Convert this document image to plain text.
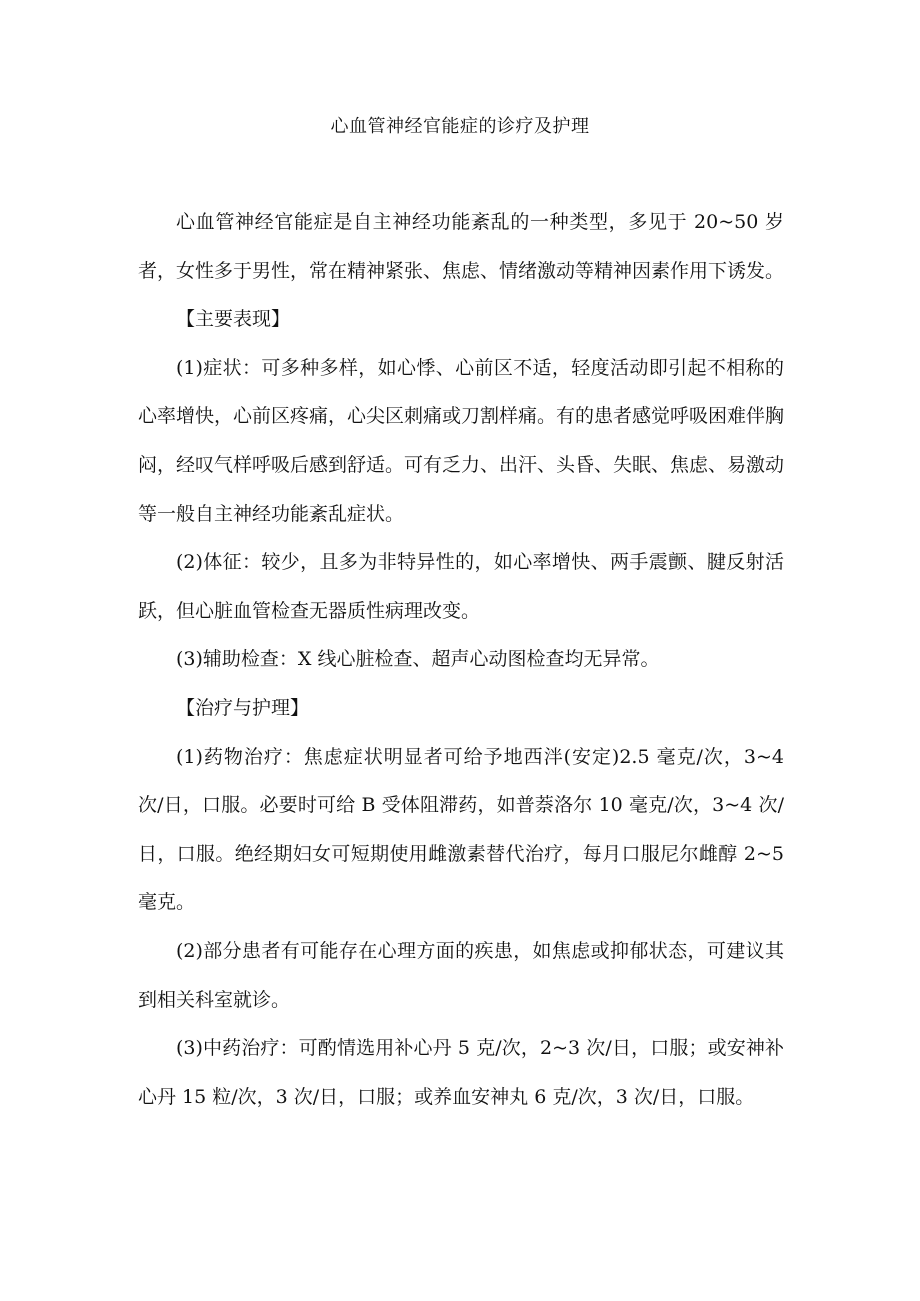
心血管神经官能症的诊疗及护理

心血管神经官能症是自主神经功能紊乱的一种类型，多见于 20~50 岁者，女性多于男性，常在精神紧张、焦虑、情绪激动等精神因素作用下诱发。

【主要表现】

(1)症状：可多种多样，如心悸、心前区不适，轻度活动即引起不相称的心率增快，心前区疼痛，心尖区刺痛或刀割样痛。有的患者感觉呼吸困难伴胸闷，经叹气样呼吸后感到舒适。可有乏力、出汗、头昏、失眠、焦虑、易激动等一般自主神经功能紊乱症状。

(2)体征：较少，且多为非特异性的，如心率增快、两手震颤、腱反射活跃，但心脏血管检查无器质性病理改变。

(3)辅助检查：X 线心脏检查、超声心动图检查均无异常。

【治疗与护理】

(1)药物治疗：焦虑症状明显者可给予地西泮(安定)2.5 毫克/次，3~4 次/日，口服。必要时可给 B 受体阻滞药，如普萘洛尔 10 毫克/次，3~4 次/日，口服。绝经期妇女可短期使用雌激素替代治疗，每月口服尼尔雌醇 2~5 毫克。

(2)部分患者有可能存在心理方面的疾患，如焦虑或抑郁状态，可建议其到相关科室就诊。

(3)中药治疗：可酌情选用补心丹 5 克/次，2~3 次/日，口服；或安神补心丹 15 粒/次，3 次/日，口服；或养血安神丸 6 克/次，3 次/日，口服。
